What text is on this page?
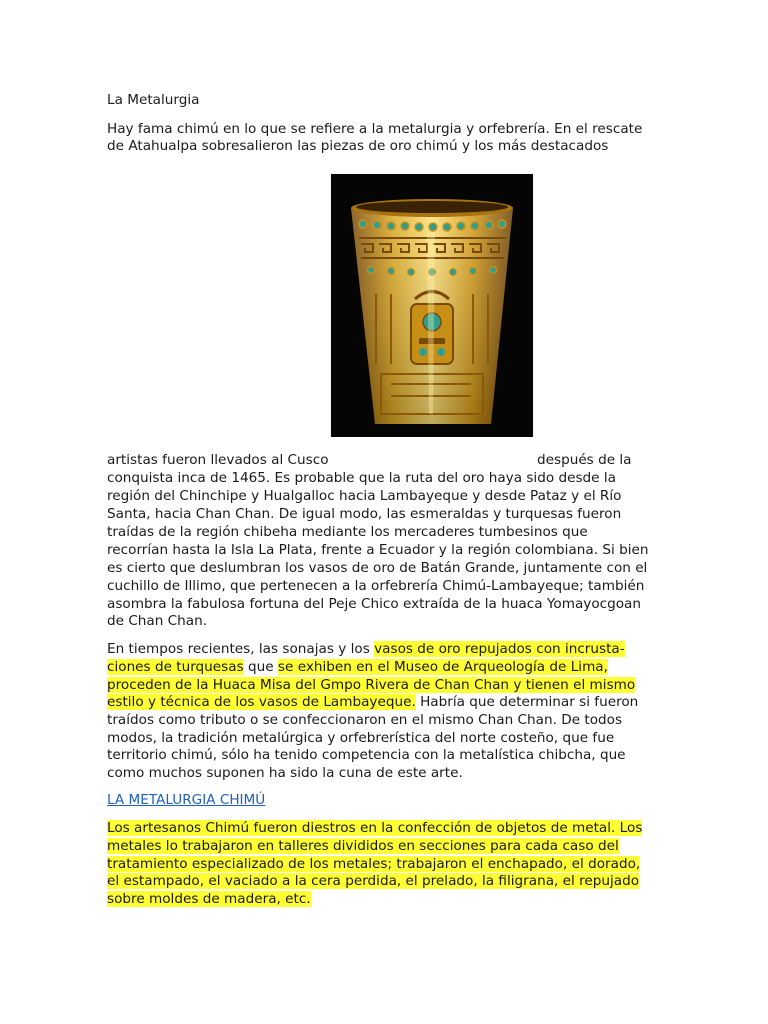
La Metalurgia
Hay fama chimú en lo que se refiere a la metalurgia y orfebrería. En el rescate
de Atahualpa sobresalieron las piezas de oro chimú y los más destacados
artistas fueron llevados al Cusco	después de la
conquista inca de 1465. Es probable que la ruta del oro haya sido desde la
región del Chinchipe y Hualgalloc hacia Lambayeque y desde Pataz y el Río
Santa, hacia Chan Chan. De igual modo, las esmeraldas y turquesas fueron
traídas de la región chibeha mediante los mercaderes tumbesinos que
recorrían hasta la Isla La Plata, frente a Ecuador y la región colombiana. Si bien
es cierto que deslumbran los vasos de oro de Batán Grande, juntamente con el
cuchillo de Illimo, que pertenecen a la orfebrería Chimú-Lambayeque; también
asombra la fabulosa fortuna del Peje Chico extraída de la huaca Yomayocgoan
de Chan Chan.
En tiempos recientes, las sonajas y los vasos de oro repujados con incrusta-
ciones de turquesas que se exhiben en el Museo de Arqueología de Lima,
proceden de la Huaca Misa del Gmpo Rivera de Chan Chan y tienen el mismo
estilo y técnica de los vasos de Lambayeque. Habría que determinar si fueron
traídos como tributo o se confeccionaron en el mismo Chan Chan. De todos
modos, la tradición metalúrgica y orfebrerística del norte costeño, que fue
territorio chimú, sólo ha tenido competencia con la metalística chibcha, que
como muchos suponen ha sido la cuna de este arte.
LA METALURGIA CHIMÚ
Los artesanos Chimú fueron diestros en la confección de objetos de metal. Los
metales lo trabajaron en talleres divididos en secciones para cada caso del
tratamiento especializado de los metales; trabajaron el enchapado, el dorado,
el estampado, el vaciado a la cera perdida, el prelado, la filigrana, el repujado
sobre moldes de madera, etc.
